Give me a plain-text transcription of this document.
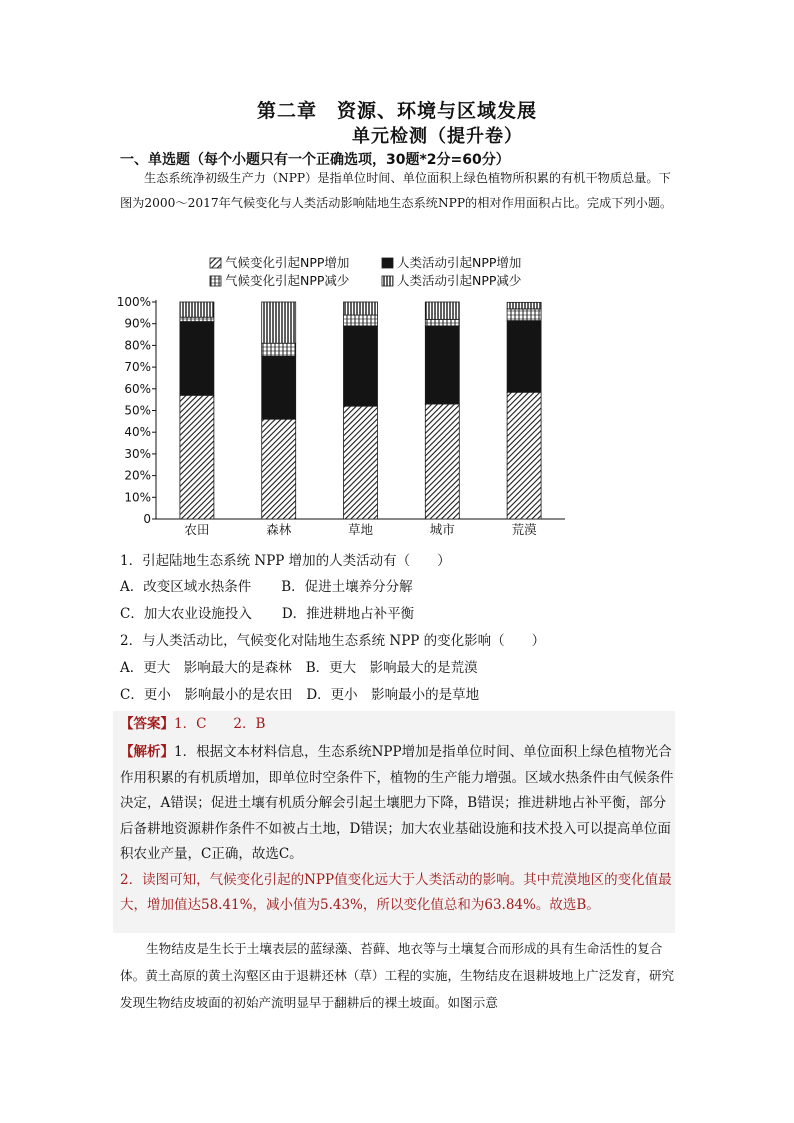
第二章　资源、环境与区域发展
单元检测（提升卷）
一、单选题（每个小题只有一个正确选项，30题*2分=60分）
生态系统净初级生产力（NPP）是指单位时间、单位面积上绿色植物所积累的有机干物质总量。下图为2000～2017年气候变化与人类活动影响陆地生态系统NPP的相对作用面积占比。完成下列小题。
气候变化引起NPP增加	人类活动引起NPP增加
气候变化引起NPP减少	人类活动引起NPP减少
100%
90%
80%
70%
60%
50%
40%
30%
20%
10%
0
农田	森林	草地	城市	荒漠
1．引起陆地生态系统 NPP 增加的人类活动有（　　）
A．改变区域水热条件 B．促进土壤养分分解
C．加大农业设施投入 D．推进耕地占补平衡
2．与人类活动比，气候变化对陆地生态系统 NPP 的变化影响（　　）
A．更大　影响最大的是森林 B．更大　影响最大的是荒漠
C．更小　影响最小的是农田 D．更小　影响最小的是草地
【答案】1．C　　2．B
【解析】1．根据文本材料信息，生态系统NPP增加是指单位时间、单位面积上绿色植物光合作用积累的有机质增加，即单位时空条件下，植物的生产能力增强。区域水热条件由气候条件决定，A错误；促进土壤有机质分解会引起土壤肥力下降，B错误；推进耕地占补平衡，部分后备耕地资源耕作条件不如被占土地，D错误；加大农业基础设施和技术投入可以提高单位面积农业产量，C正确，故选C。
2．读图可知，气候变化引起的NPP值变化远大于人类活动的影响。其中荒漠地区的变化值最大，增加值达58.41%，减小值为5.43%，所以变化值总和为63.84%。故选B。
生物结皮是生长于土壤表层的蓝绿藻、苔藓、地衣等与土壤复合而形成的具有生命活性的复合体。黄土高原的黄土沟壑区由于退耕还林（草）工程的实施，生物结皮在退耕坡地上广泛发育，研究发现生物结皮坡面的初始产流明显早于翻耕后的裸土坡面。如图示意
